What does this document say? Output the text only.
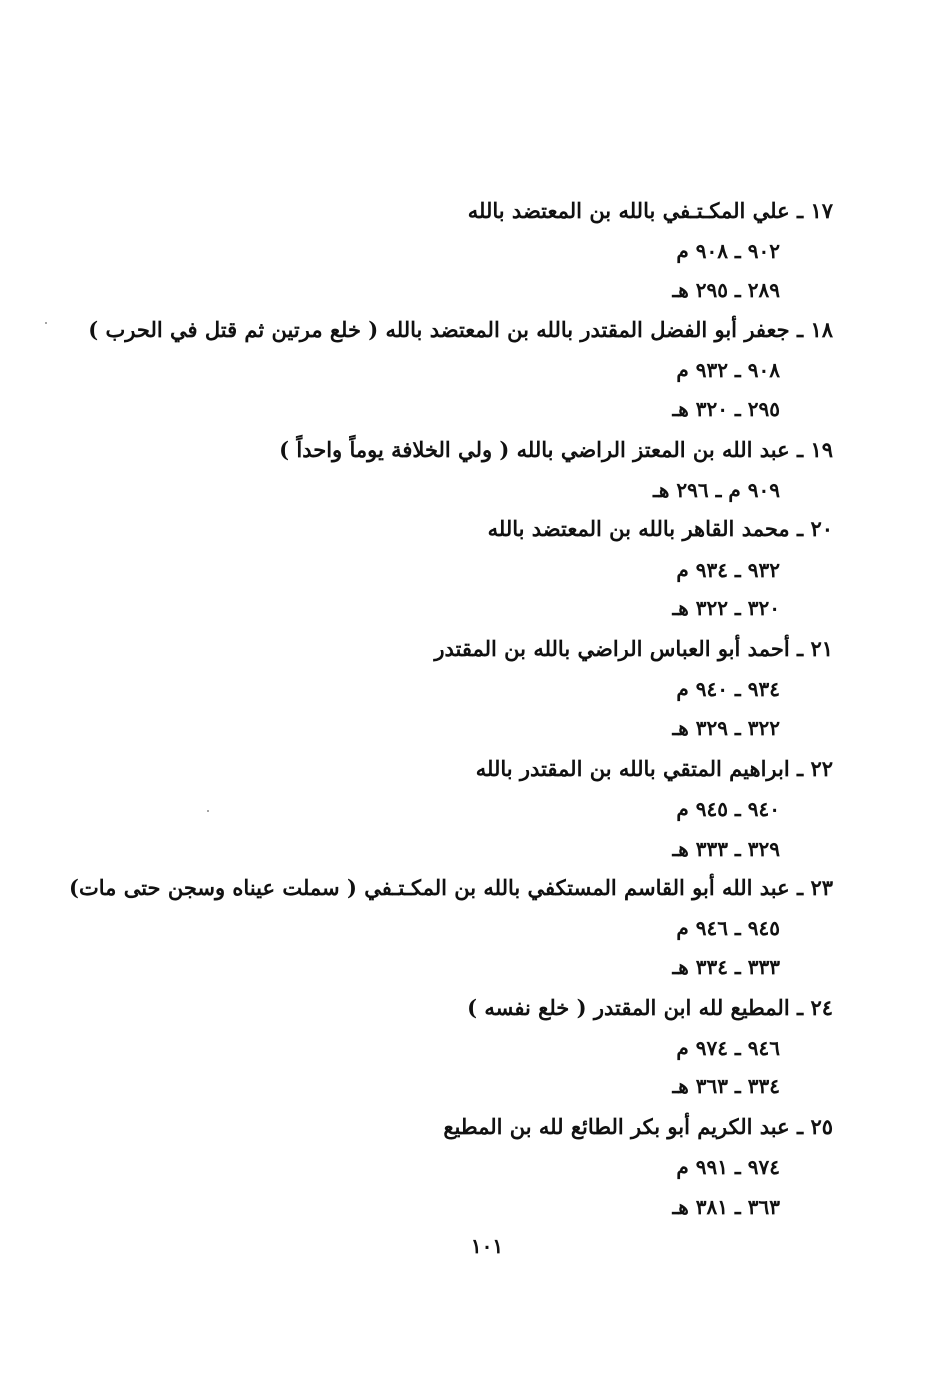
١٧ ـ علي المكـتـفي بالله بن المعتضد بالله
٩٠٢ ـ ٩٠٨ م
٢٨٩ ـ ٢٩٥ هـ
١٨ ـ جعفر أبو الفضل المقتدر بالله بن المعتضد بالله ( خلع مرتين ثم قتل في الحرب )
٩٠٨ ـ ٩٣٢ م
٢٩٥ ـ ٣٢٠ هـ
١٩ ـ عبد الله بن المعتز الراضي بالله ( ولي الخلافة يوماً واحداً )
٩٠٩ م ـ ٢٩٦ هـ
٢٠ ـ محمد القاهر بالله بن المعتضد بالله
٩٣٢ ـ ٩٣٤ م
٣٢٠ ـ ٣٢٢ هـ
٢١ ـ أحمد أبو العباس الراضي بالله بن المقتدر
٩٣٤ ـ ٩٤٠ م
٣٢٢ ـ ٣٢٩ هـ
٢٢ ـ ابراهيم المتقي بالله بن المقتدر بالله
٩٤٠ ـ ٩٤٥ م
٣٢٩ ـ ٣٣٣ هـ
٢٣ ـ عبد الله أبو القاسم المستكفي بالله بن المكـتـفي ( سملت عيناه وسجن حتى مات)
٩٤٥ ـ ٩٤٦ م
٣٣٣ ـ ٣٣٤ هـ
٢٤ ـ المطيع لله ابن المقتدر ( خلع نفسه )
٩٤٦ ـ ٩٧٤ م
٣٣٤ ـ ٣٦٣ هـ
٢٥ ـ عبد الكريم أبو بكر الطائع لله بن المطيع
٩٧٤ ـ ٩٩١ م
٣٦٣ ـ ٣٨١ هـ
١٠١
